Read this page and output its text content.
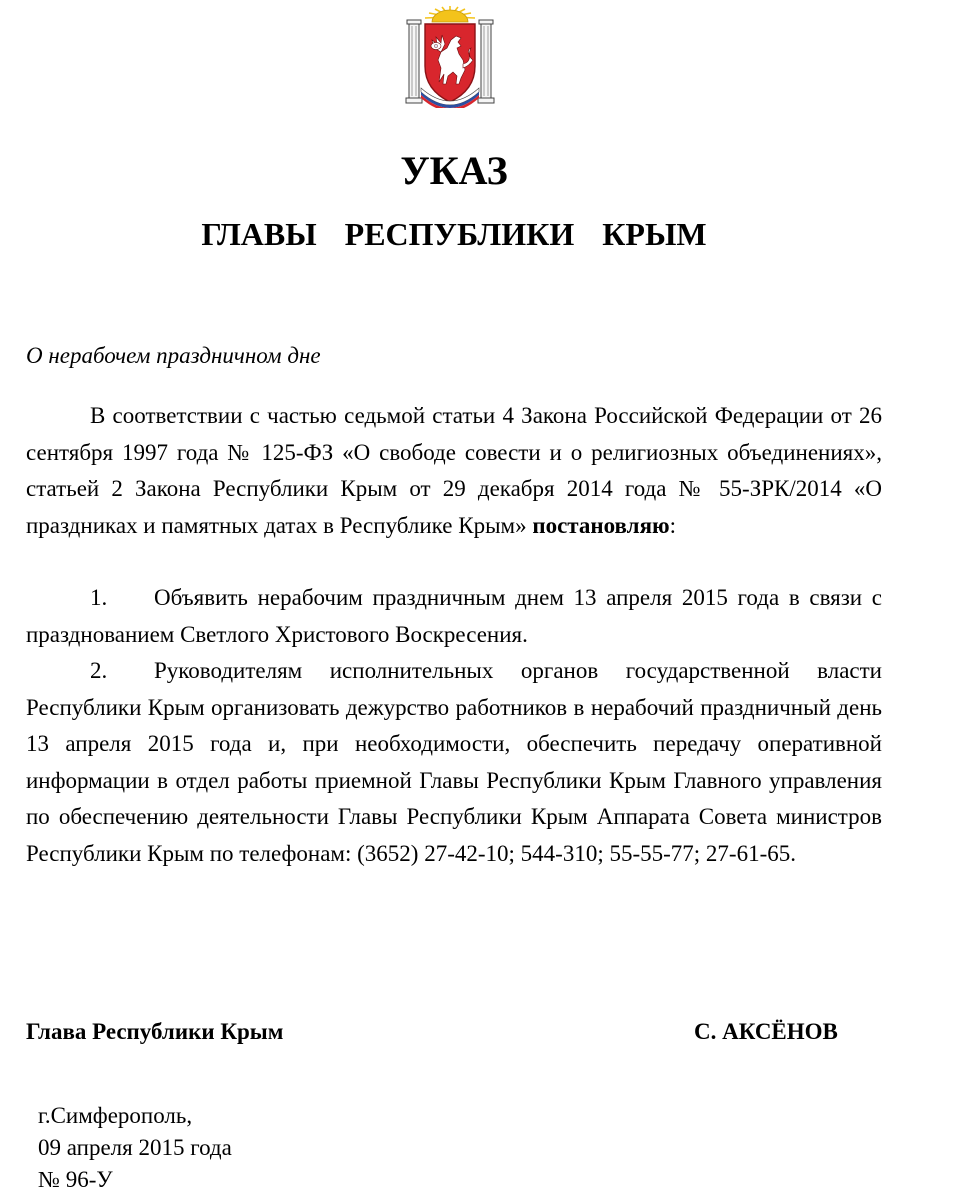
УКАЗ
ГЛАВЫ РЕСПУБЛИКИ КРЫМ
О нерабочем праздничном дне

В соответствии с частью седьмой статьи 4 Закона Российской Федерации от 26 сентября 1997 года № 125-ФЗ «О свободе совести и о религиозных объединениях», статьей 2 Закона Республики Крым от 29 декабря 2014 года № 55-ЗРК/2014 «О праздниках и памятных датах в Республике Крым» постановляю:

1. Объявить нерабочим праздничным днем 13 апреля 2015 года в связи с празднованием Светлого Христового Воскресения.

2. Руководителям исполнительных органов государственной власти Республики Крым организовать дежурство работников в нерабочий праздничный день 13 апреля 2015 года и, при необходимости, обеспечить передачу оперативной информации в отдел работы приемной Главы Республики Крым Главного управления по обеспечению деятельности Главы Республики Крым Аппарата Совета министров Республики Крым по телефонам: (3652) 27-42-10; 544-310; 55-55-77; 27-61-65.

Глава Республики Крым	С. АКСЁНОВ
г.Симферополь,
09 апреля 2015 года
№ 96-У
